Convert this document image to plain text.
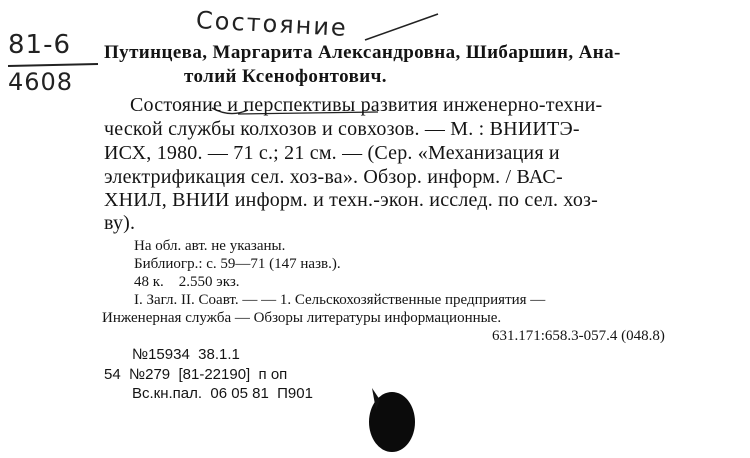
Состояние
81-6
4608
Путинцева, Маргарита Александровна, Шибаршин, Ана-
толий Ксенофонтович.
Состояние и перспективы развития инженерно-техни-
ческой службы колхозов и совхозов. — М. : ВНИИТЭ-
ИСХ, 1980. — 71 с.; 21 см. — (Сер. «Механизация и
электрификация сел. хоз-ва». Обзор. информ. / ВАС-
ХНИЛ, ВНИИ информ. и техн.-экон. исслед. по сел. хоз-
ву).
На обл. авт. не указаны.
Библиогр.: с. 59—71 (147 назв.).
48 к.    2.550 экз.
I. Загл. II. Соавт. — — 1. Сельскохозяйственные предприятия —
Инженерная служба — Обзоры литературы информационные.
631.171:658.3-057.4 (048.8)
№15934  38.1.1
54  №279  [81-22190]  п оп
Вс.кн.пал.  06 05 81  П901
